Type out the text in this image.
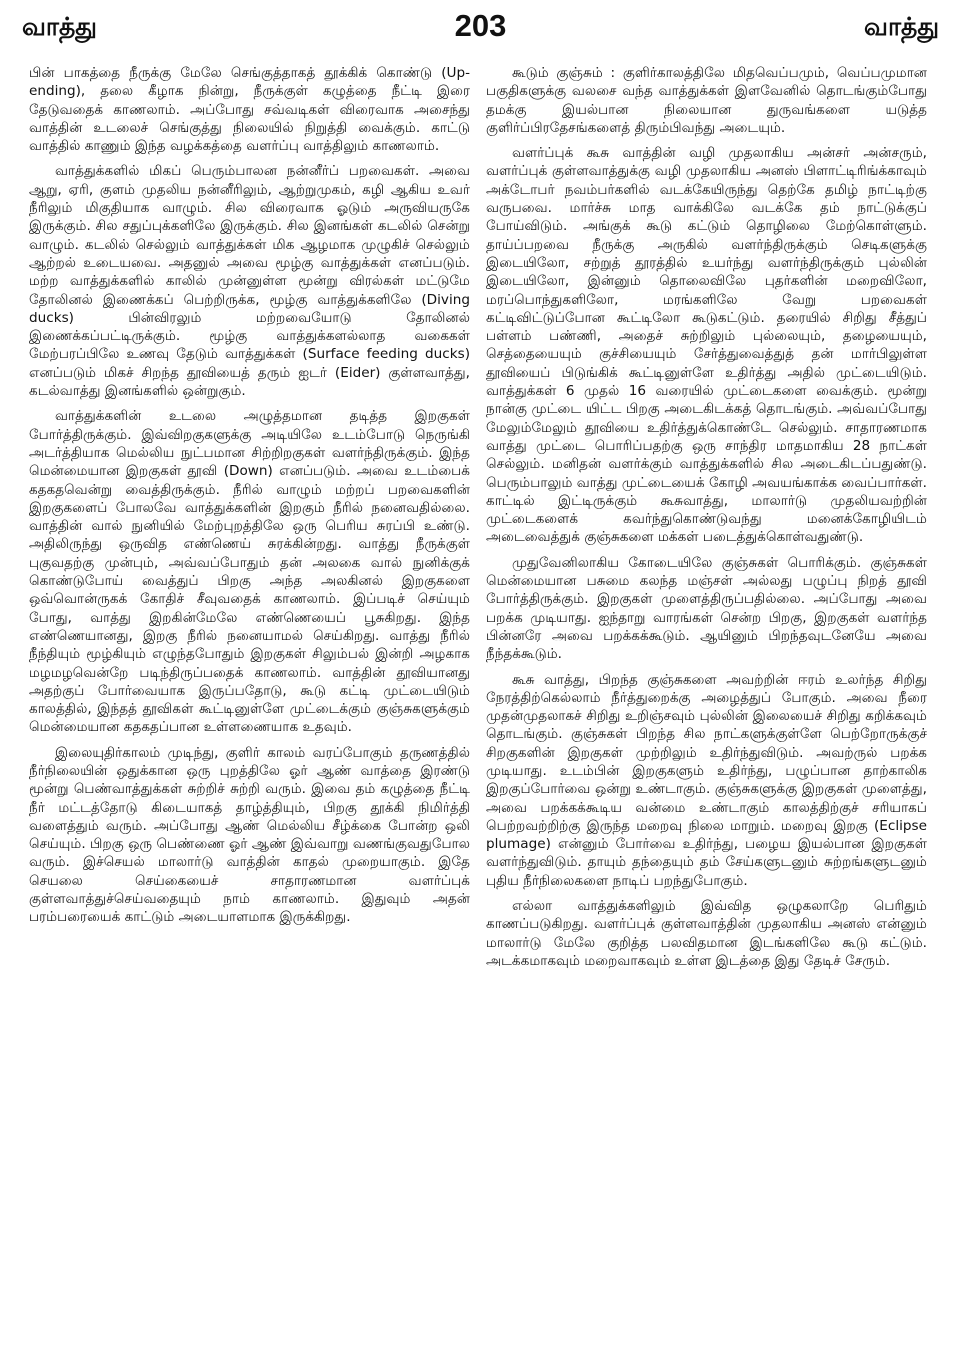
வாத்து	203	வாத்து

பின் பாகத்தை நீருக்கு மேலே செங்குத்தாகத் தூக்கிக் கொண்டு (Up-ending), தலை கீழாக நின்று, நீருக்குள் கழுத்தை நீட்டி இரை தேடுவதைக் காணலாம். அப்போது சவ்வடிகள் விரைவாக அசைந்து வாத்தின் உடலைச் செங்குத்து நிலையில் நிறுத்தி வைக்கும். காட்டு வாத்தில் காணும் இந்த வழக்கத்தை வளர்ப்பு வாத்திலும் காணலாம்.

வாத்துக்களில் மிகப் பெரும்பாலன நன்னீர்ப் பறவைகள். அவை ஆறு, ஏரி, குளம் முதலிய நன்னீரிலும், ஆற்றுமுகம், கழி ஆகிய உவர் நீரிலும் மிகுதியாக வாழும். சில விரைவாக ஓடும் அருவியருகே இருக்கும். சில சதுப்புக்களிலே இருக்கும். சில இனங்கள் கடலில் சென்று வாழும். கடலில் செல்லும் வாத்துக்கள் மிக ஆழமாக முழுகிச் செல்லும் ஆற்றல் உடையவை. அதனுல் அவை மூழ்கு வாத்துக்கள் எனப்படும். மற்ற வாத்துக்களில் காலில் முன்னுள்ள மூன்று விரல்கள் மட்டுமே தோலினல் இணைக்கப் பெற்றிருக்க, மூழ்கு வாத்துக்களிலே (Diving ducks) பின்விரலும் மற்றவையோடு தோலினல் இணைக்கப்பட்டிருக்கும். மூழ்கு வாத்துக்களல்லாத வகைகள் மேற்பரப்பிலே உணவு தேடும் வாத்துக்கள் (Surface feeding ducks) எனப்படும் மிகச் சிறந்த தூவியைத் தரும் ஐடர் (Eider) குள்ளவாத்து, கடல்வாத்து இனங்களில் ஒன்றுகும்.

வாத்துக்களின் உடலை அழுத்தமான தடித்த இறகுகள் போர்த்திருக்கும். இவ்விறகுகளுக்கு அடியிலே உடம்போடு நெருங்கி அடர்த்தியாக மெல்லிய நுட்பமான சிற்றிறகுகள் வளர்ந்திருக்கும். இந்த மென்மையான இறகுகள் தூவி (Down) எனப்படும். அவை உடம்பைக் கதகதவென்று வைத்திருக்கும். நீரில் வாழும் மற்றப் பறவைகளின் இறகுகளைப் போலவே வாத்துக்களின் இறகும் நீரில் நனைவதில்லை. வாத்தின் வால் நுனியில் மேற்புறத்திலே ஒரு பெரிய சுரப்பி உண்டு. அதிலிருந்து ஒருவித எண்ணெய் சுரக்கின்றது. வாத்து நீருக்குள் புகுவதற்கு முன்பும், அவ்வப்போதும் தன் அலகை வால் நுனிக்குக் கொண்டுபோய் வைத்துப் பிறகு அந்த அலகினல் இறகுகளை ஒவ்வொன்ருகக் கோதிச் சீவுவதைக் காணலாம். இப்படிச் செய்யும் போது, வாத்து இறகின்மேலே எண்ணெயைப் பூசுகிறது. இந்த எண்ணெயானது, இறகு நீரில் நனையாமல் செய்கிறது. வாத்து நீரில் நீந்தியும் மூழ்கியும் எழுந்தபோதும் இறகுகள் சிலும்பல் இன்றி அழகாக மழமழவென்றே படிந்திருப்பதைக் காணலாம். வாத்தின் தூவியானது அதற்குப் போர்வையாக இருப்பதோடு, கூடு கட்டி முட்டையிடும் காலத்தில், இந்தத் தூவிகள் கூட்டினுள்ளே முட்டைக்கும் குஞ்சுகளுக்கும் மென்மையான கதகதப்பான உள்ளணையாக உதவும்.

இலையுதிர்காலம் முடிந்து, குளிர் காலம் வரப்போகும் தருணத்தில் நீர்நிலையின் ஒதுக்கான ஒரு புறத்திலே ஓர் ஆண் வாத்தை இரண்டு மூன்று பெண்வாத்துக்கள் சுற்றிச் சுற்றி வரும். இவை தம் கழுத்தை நீட்டி நீர் மட்டத்தோடு கிடையாகத் தாழ்த்தியும், பிறகு தூக்கி நிமிர்த்தி வளைத்தும் வரும். அப்போது ஆண் மெல்லிய சீழ்க்கை போன்ற ஒலி செய்யும். பிறகு ஒரு பெண்ணை ஓர் ஆண் இவ்வாறு வணங்குவதுபோல வரும். இச்செயல் மாலார்டு வாத்தின் காதல் முறையாகும். இதே செயலை செய்கையைச் சாதாரணமான வளர்ப்புக் குள்ளவாத்துச்செய்வதையும் நாம் காணலாம். இதுவும் அதன் பரம்பரையைக் காட்டும் அடையாளமாக இருக்கிறது.

கூடும் குஞ்சும் : குளிர்காலத்திலே மிதவெப்பமும், வெப்பமுமான பகுதிகளுக்கு வலசை வந்த வாத்துக்கள் இளவேனில் தொடங்கும்போது தமக்கு இயல்பான நிலையான துருவங்களை யடுத்த குளிர்ப்பிரதேசங்களைத் திரும்பிவந்து அடையும்.

வளர்ப்புக் கூசு வாத்தின் வழி முதலாகிய அன்சர் அன்சரும், வளர்ப்புக் குள்ளவாத்துக்கு வழி முதலாகிய அனஸ் பிளாட்டிரிங்க்காவும் அக்டோபர் நவம்பர்களில் வடக்கேயிருந்து தெற்கே தமிழ் நாட்டிற்கு வருபவை. மார்ச்சு மாத வாக்கிலே வடக்கே தம் நாட்டுக்குப் போய்விடும். அங்குக் கூடு கட்டும் தொழிலை மேற்கொள்ளும். தாய்ப்பறவை நீருக்கு அருகில் வளர்ந்திருக்கும் செடிகளுக்கு இடையிலோ, சற்றுத் தூரத்தில் உயர்ந்து வளர்ந்திருக்கும் புல்லின் இடையிலோ, இன்னும் தொலைவிலே புதர்களின் மறைவிலோ, மரப்பொந்துகளிலோ, மரங்களிலே வேறு பறவைகள் கட்டிவிட்டுப்போன கூட்டிலோ கூடுகட்டும். தரையில் சிறிது சீத்துப் பள்ளம் பண்ணி, அதைச் சுற்றிலும் புல்லையும், தழையையும், செத்தையையும் குச்சியையும் சேர்த்துவைத்துத் தன் மார்பிலுள்ள தூவியைப் பிடுங்கிக் கூட்டினுள்ளே உதிர்த்து அதில் முட்டையிடும். வாத்துக்கள் 6 முதல் 16 வரையில் முட்டைகளை வைக்கும். மூன்று நான்கு முட்டை யிட்ட பிறகு அடைகிடக்கத் தொடங்கும். அவ்வப்போது மேலும்மேலும் தூவியை உதிர்த்துக்கொண்டே செல்லும். சாதாரணமாக வாத்து முட்டை பொரிப்பதற்கு ஒரு சாந்திர மாதமாகிய 28 நாட்கள் செல்லும். மனிதன் வளர்க்கும் வாத்துக்களில் சில அடைகிடப்பதுண்டு. பெரும்பாலும் வாத்து முட்டையைக் கோழி அவயங்காக்க வைப்பார்கள். காட்டில் இட்டிருக்கும் கூசுவாத்து, மாலார்டு முதலியவற்றின் முட்டைகளைக் கவர்ந்துகொண்டுவந்து மனைக்கோழியிடம் அடைவைத்துக் குஞ்சுகளை மக்கள் படைத்துக்கொள்வதுண்டு.

முதுவேனிலாகிய கோடையிலே குஞ்சுகள் பொரிக்கும். குஞ்சுகள் மென்மையான பசுமை கலந்த மஞ்சள் அல்லது பழுப்பு நிறத் தூவி போர்த்திருக்கும். இறகுகள் முளைத்திருப்பதில்லை. அப்போது அவை பறக்க முடியாது. ஐந்தாறு வாரங்கள் சென்ற பிறகு, இறகுகள் வளர்ந்த பின்னரே அவை பறக்கக்கூடும். ஆயினும் பிறந்தவுடனேயே அவை நீந்தக்கூடும்.

கூசு வாத்து, பிறந்த குஞ்சுகளை அவற்றின் ஈரம் உலர்ந்த சிறிது நேரத்திற்கெல்லாம் நீர்த்துறைக்கு அழைத்துப் போகும். அவை நீரை முதன்முதலாகச் சிறிது உறிஞ்சவும் புல்லின் இலையைச் சிறிது கறிக்கவும் தொடங்கும். குஞ்சுகள் பிறந்த சில நாட்களுக்குள்ளே பெற்றோருக்குச் சிறகுகளின் இறகுகள் முற்றிலும் உதிர்ந்துவிடும். அவற்ருல் பறக்க முடியாது. உடம்பின் இறகுகளும் உதிர்ந்து, பழுப்பான தாற்காலிக இறகுப்போர்வை ஒன்று உண்டாகும். குஞ்சுகளுக்கு இறகுகள் முளைத்து, அவை பறக்கக்கூடிய வன்மை உண்டாகும் காலத்திற்குச் சரியாகப் பெற்றவற்றிற்கு இருந்த மறைவு நிலை மாறும். மறைவு இறகு (Eclipse plumage) என்னும் போர்வை உதிர்ந்து, பழைய இயல்பான இறகுகள் வளர்ந்துவிடும். தாயும் தந்தையும் தம் சேய்களுடனும் சுற்றங்களுடனும் புதிய நீர்நிலைகளை நாடிப் பறந்துபோகும்.

எல்லா வாத்துக்களிலும் இவ்வித ஒழுகலாறே பெரிதும் காணப்படுகிறது. வளர்ப்புக் குள்ளவாத்தின் முதலாகிய அனஸ் என்னும் மாலார்டு மேலே குறித்த பலவிதமான இடங்களிலே கூடு கட்டும். அடக்கமாகவும் மறைவாகவும் உள்ள இடத்தை இது தேடிச் சேரும்.
